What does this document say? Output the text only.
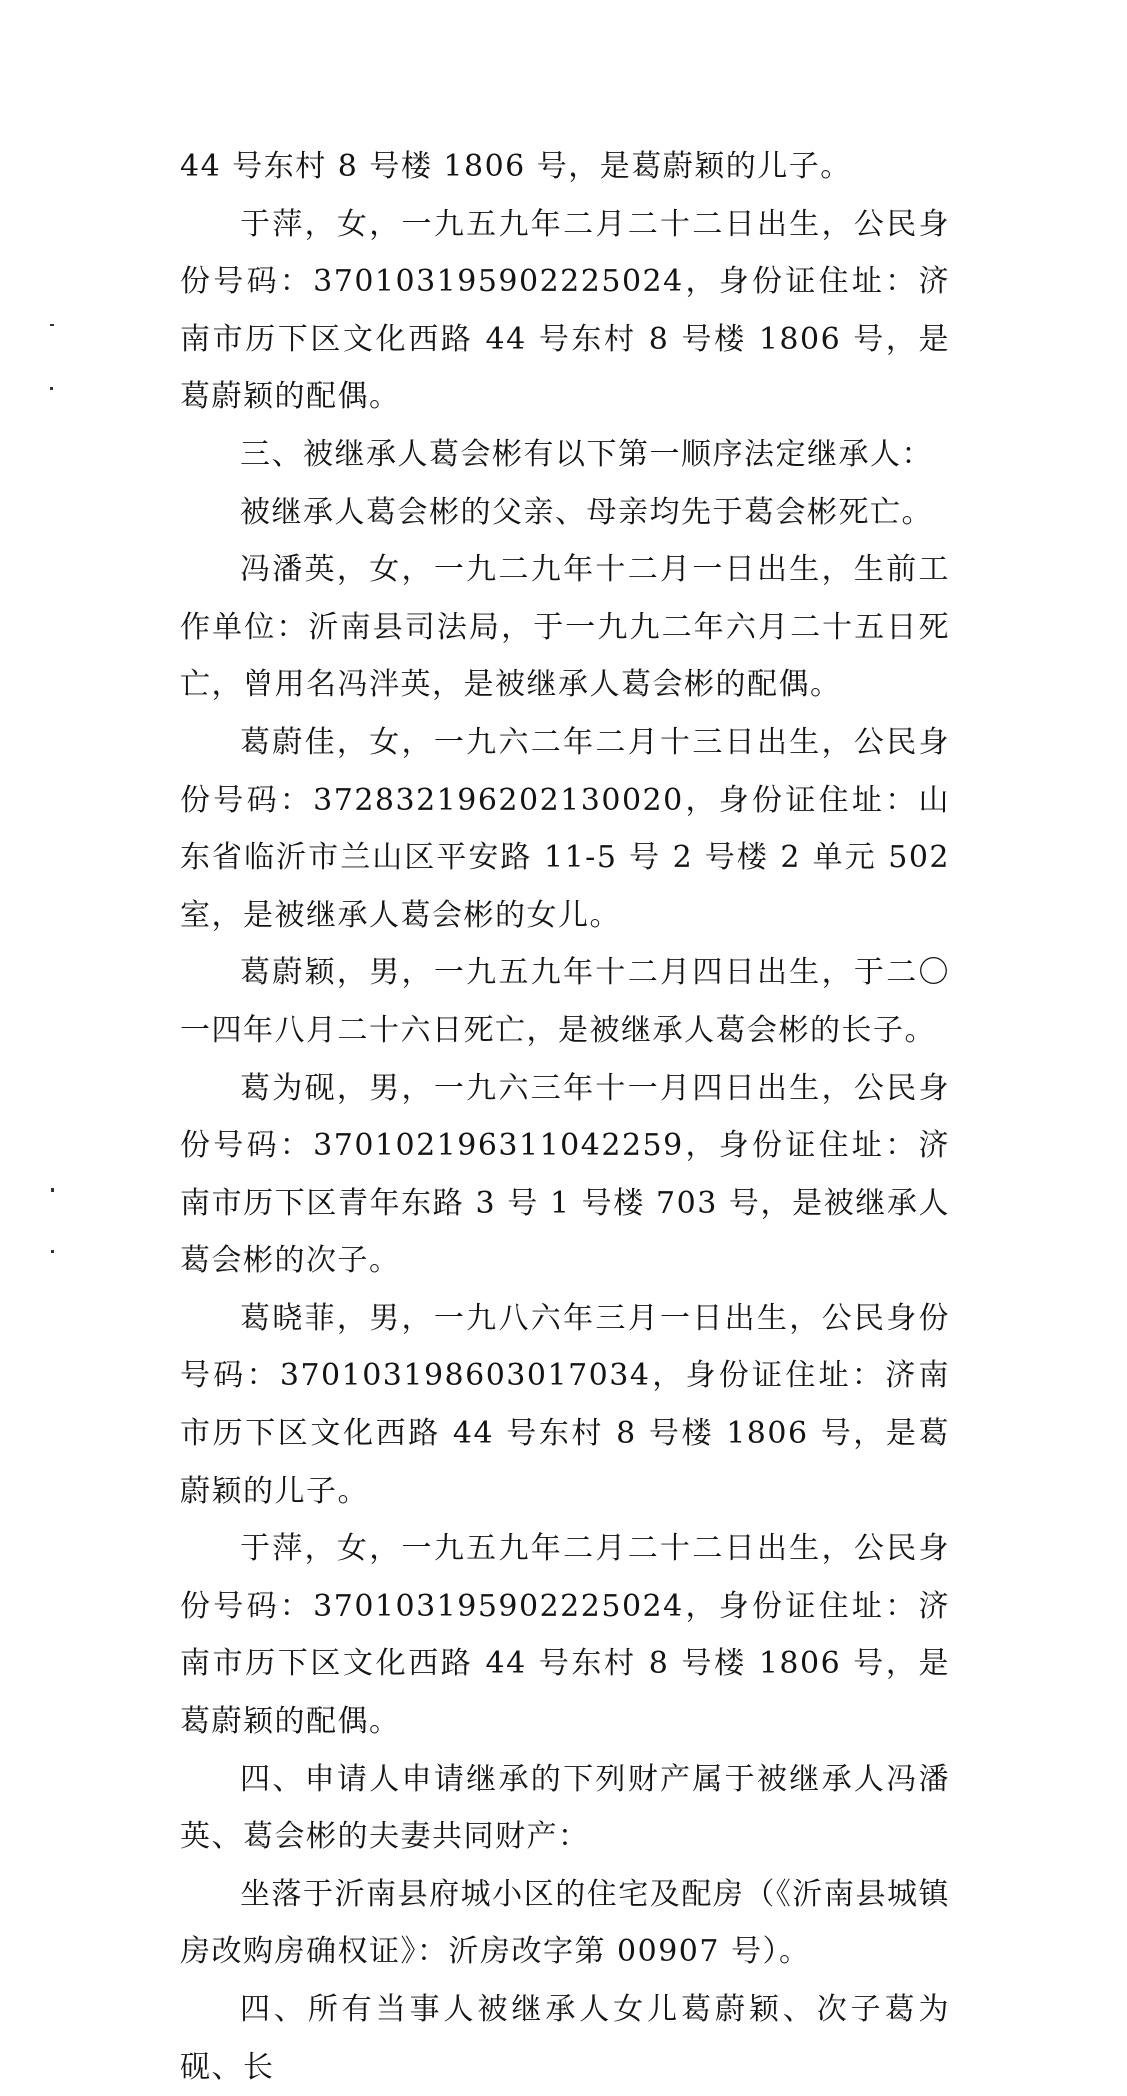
44 号东村 8 号楼 1806 号，是葛蔚颖的儿子。

于萍，女，一九五九年二月二十二日出生，公民身份号码：370103195902225024，身份证住址：济南市历下区文化西路 44 号东村 8 号楼 1806 号，是葛蔚颖的配偶。

三、被继承人葛会彬有以下第一顺序法定继承人：

被继承人葛会彬的父亲、母亲均先于葛会彬死亡。

冯潘英，女，一九二九年十二月一日出生，生前工作单位：沂南县司法局，于一九九二年六月二十五日死亡，曾用名冯泮英，是被继承人葛会彬的配偶。

葛蔚佳，女，一九六二年二月十三日出生，公民身份号码：372832196202130020，身份证住址：山东省临沂市兰山区平安路 11-5 号 2 号楼 2 单元 502 室，是被继承人葛会彬的女儿。

葛蔚颖，男，一九五九年十二月四日出生，于二〇一四年八月二十六日死亡，是被继承人葛会彬的长子。

葛为砚，男，一九六三年十一月四日出生，公民身份号码：370102196311042259，身份证住址：济南市历下区青年东路 3 号 1 号楼 703 号，是被继承人葛会彬的次子。

葛晓菲，男，一九八六年三月一日出生，公民身份号码：370103198603017034，身份证住址：济南市历下区文化西路 44 号东村 8 号楼 1806 号，是葛蔚颖的儿子。

于萍，女，一九五九年二月二十二日出生，公民身份号码：370103195902225024，身份证住址：济南市历下区文化西路 44 号东村 8 号楼 1806 号，是葛蔚颖的配偶。

四、申请人申请继承的下列财产属于被继承人冯潘英、葛会彬的夫妻共同财产：

坐落于沂南县府城小区的住宅及配房（《沂南县城镇房改购房确权证》：沂房改字第 00907 号）。

四、所有当事人被继承人女儿葛蔚颖、次子葛为砚、长
